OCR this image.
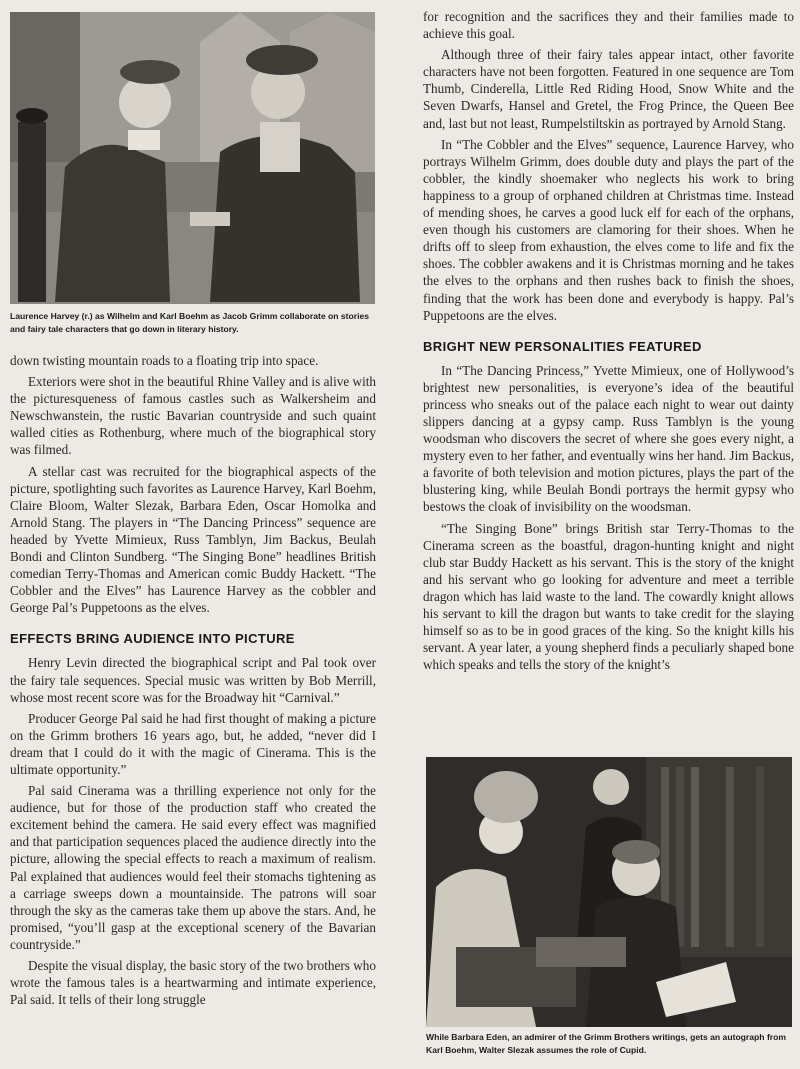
Laurence Harvey (r.) as Wilhelm and Karl Boehm as Jacob Grimm collaborate on stories and fairy tale characters that go down in literary history.

down twisting mountain roads to a floating trip into space.

Exteriors were shot in the beautiful Rhine Valley and is alive with the picturesqueness of famous castles such as Walkersheim and Newschwanstein, the rustic Bavarian countryside and such quaint walled cities as Rothenburg, where much of the biographical story was filmed.

A stellar cast was recruited for the biographical aspects of the picture, spotlighting such favorites as Laurence Harvey, Karl Boehm, Claire Bloom, Walter Slezak, Barbara Eden, Oscar Homolka and Arnold Stang. The players in “The Dancing Princess” sequence are headed by Yvette Mimieux, Russ Tamblyn, Jim Backus, Beulah Bondi and Clinton Sundberg. “The Singing Bone” headlines British comedian Terry-Thomas and American comic Buddy Hackett. “The Cobbler and the Elves” has Laurence Harvey as the cobbler and George Pal’s Puppetoons as the elves.

EFFECTS BRING AUDIENCE INTO PICTURE

Henry Levin directed the biographical script and Pal took over the fairy tale sequences. Special music was written by Bob Merrill, whose most recent score was for the Broadway hit “Carnival.”

Producer George Pal said he had first thought of making a picture on the Grimm brothers 16 years ago, but, he added, “never did I dream that I could do it with the magic of Cinerama. This is the ultimate opportunity.”

Pal said Cinerama was a thrilling experience not only for the audience, but for those of the production staff who created the excitement behind the camera. He said every effect was magnified and that participation sequences placed the audience directly into the picture, allowing the special effects to reach a maximum of realism. Pal explained that audiences would feel their stomachs tightening as a carriage sweeps down a mountainside. The patrons will soar through the sky as the cameras take them up above the stars. And, he promised, “you’ll gasp at the exceptional scenery of the Bavarian countryside.”

Despite the visual display, the basic story of the two brothers who wrote the famous tales is a heartwarming and intimate experience, Pal said. It tells of their long struggle

for recognition and the sacrifices they and their families made to achieve this goal.

Although three of their fairy tales appear intact, other favorite characters have not been forgotten. Featured in one sequence are Tom Thumb, Cinderella, Little Red Riding Hood, Snow White and the Seven Dwarfs, Hansel and Gretel, the Frog Prince, the Queen Bee and, last but not least, Rumpelstiltskin as portrayed by Arnold Stang.

In “The Cobbler and the Elves” sequence, Laurence Harvey, who portrays Wilhelm Grimm, does double duty and plays the part of the cobbler, the kindly shoemaker who neglects his work to bring happiness to a group of orphaned children at Christmas time. Instead of mending shoes, he carves a good luck elf for each of the orphans, even though his customers are clamoring for their shoes. When he drifts off to sleep from exhaustion, the elves come to life and fix the shoes. The cobbler awakens and it is Christmas morning and he takes the elves to the orphans and then rushes back to finish the shoes, finding that the work has been done and everybody is happy. Pal’s Puppetoons are the elves.

BRIGHT NEW PERSONALITIES FEATURED

In “The Dancing Princess,” Yvette Mimieux, one of Hollywood’s brightest new personalities, is everyone’s idea of the beautiful princess who sneaks out of the palace each night to wear out dainty slippers dancing at a gypsy camp. Russ Tamblyn is the young woodsman who discovers the secret of where she goes every night, a mystery even to her father, and eventually wins her hand. Jim Backus, a favorite of both television and motion pictures, plays the part of the blustering king, while Beulah Bondi portrays the hermit gypsy who bestows the cloak of invisibility on the woodsman.

“The Singing Bone” brings British star Terry-Thomas to the Cinerama screen as the boastful, dragon-hunting knight and night club star Buddy Hackett as his servant. This is the story of the knight and his servant who go looking for adventure and meet a terrible dragon which has laid waste to the land. The cowardly knight allows his servant to kill the dragon but wants to take credit for the slaying himself so as to be in good graces of the king. So the knight kills his servant. A year later, a young shepherd finds a peculiarly shaped bone which speaks and tells the story of the knight’s

While Barbara Eden, an admirer of the Grimm Brothers writings, gets an autograph from Karl Boehm, Walter Slezak assumes the role of Cupid.
